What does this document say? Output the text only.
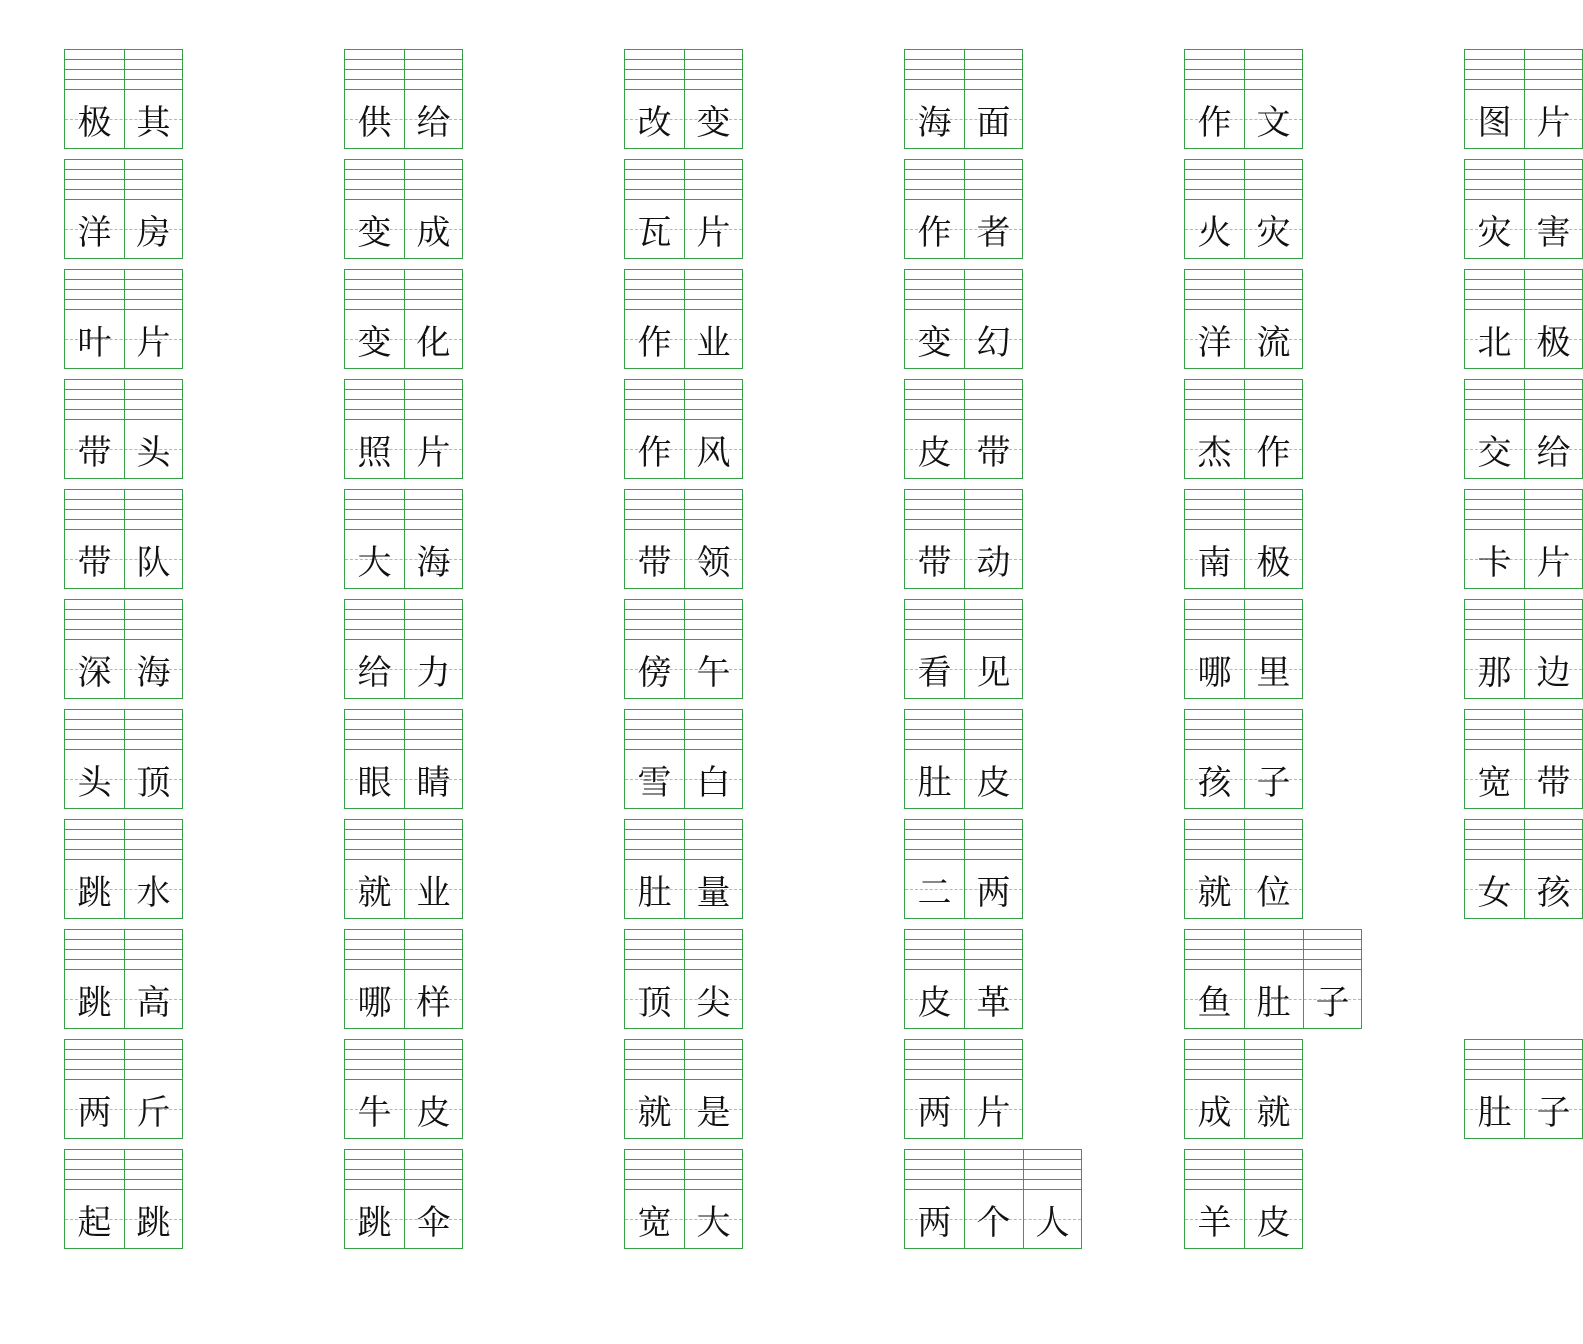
极 其	供 给	改 变	海 面	作 文	图 片
洋 房	变 成	瓦 片	作 者	火 灾	灾 害
叶 片	变 化	作 业	变 幻	洋 流	北 极
带 头	照 片	作 风	皮 带	杰 作	交 给
带 队	大 海	带 领	带 动	南 极	卡 片
深 海	给 力	傍 午	看 见	哪 里	那 边
头 顶	眼 睛	雪 白	肚 皮	孩 子	宽 带
跳 水	就 业	肚 量	二 两	就 位	女 孩
跳 高	哪 样	顶 尖	皮 革	鱼 肚 子
两 斤	牛 皮	就 是	两 片	成 就	肚 子
起 跳	跳 伞	宽 大	两 个 人	羊 皮
